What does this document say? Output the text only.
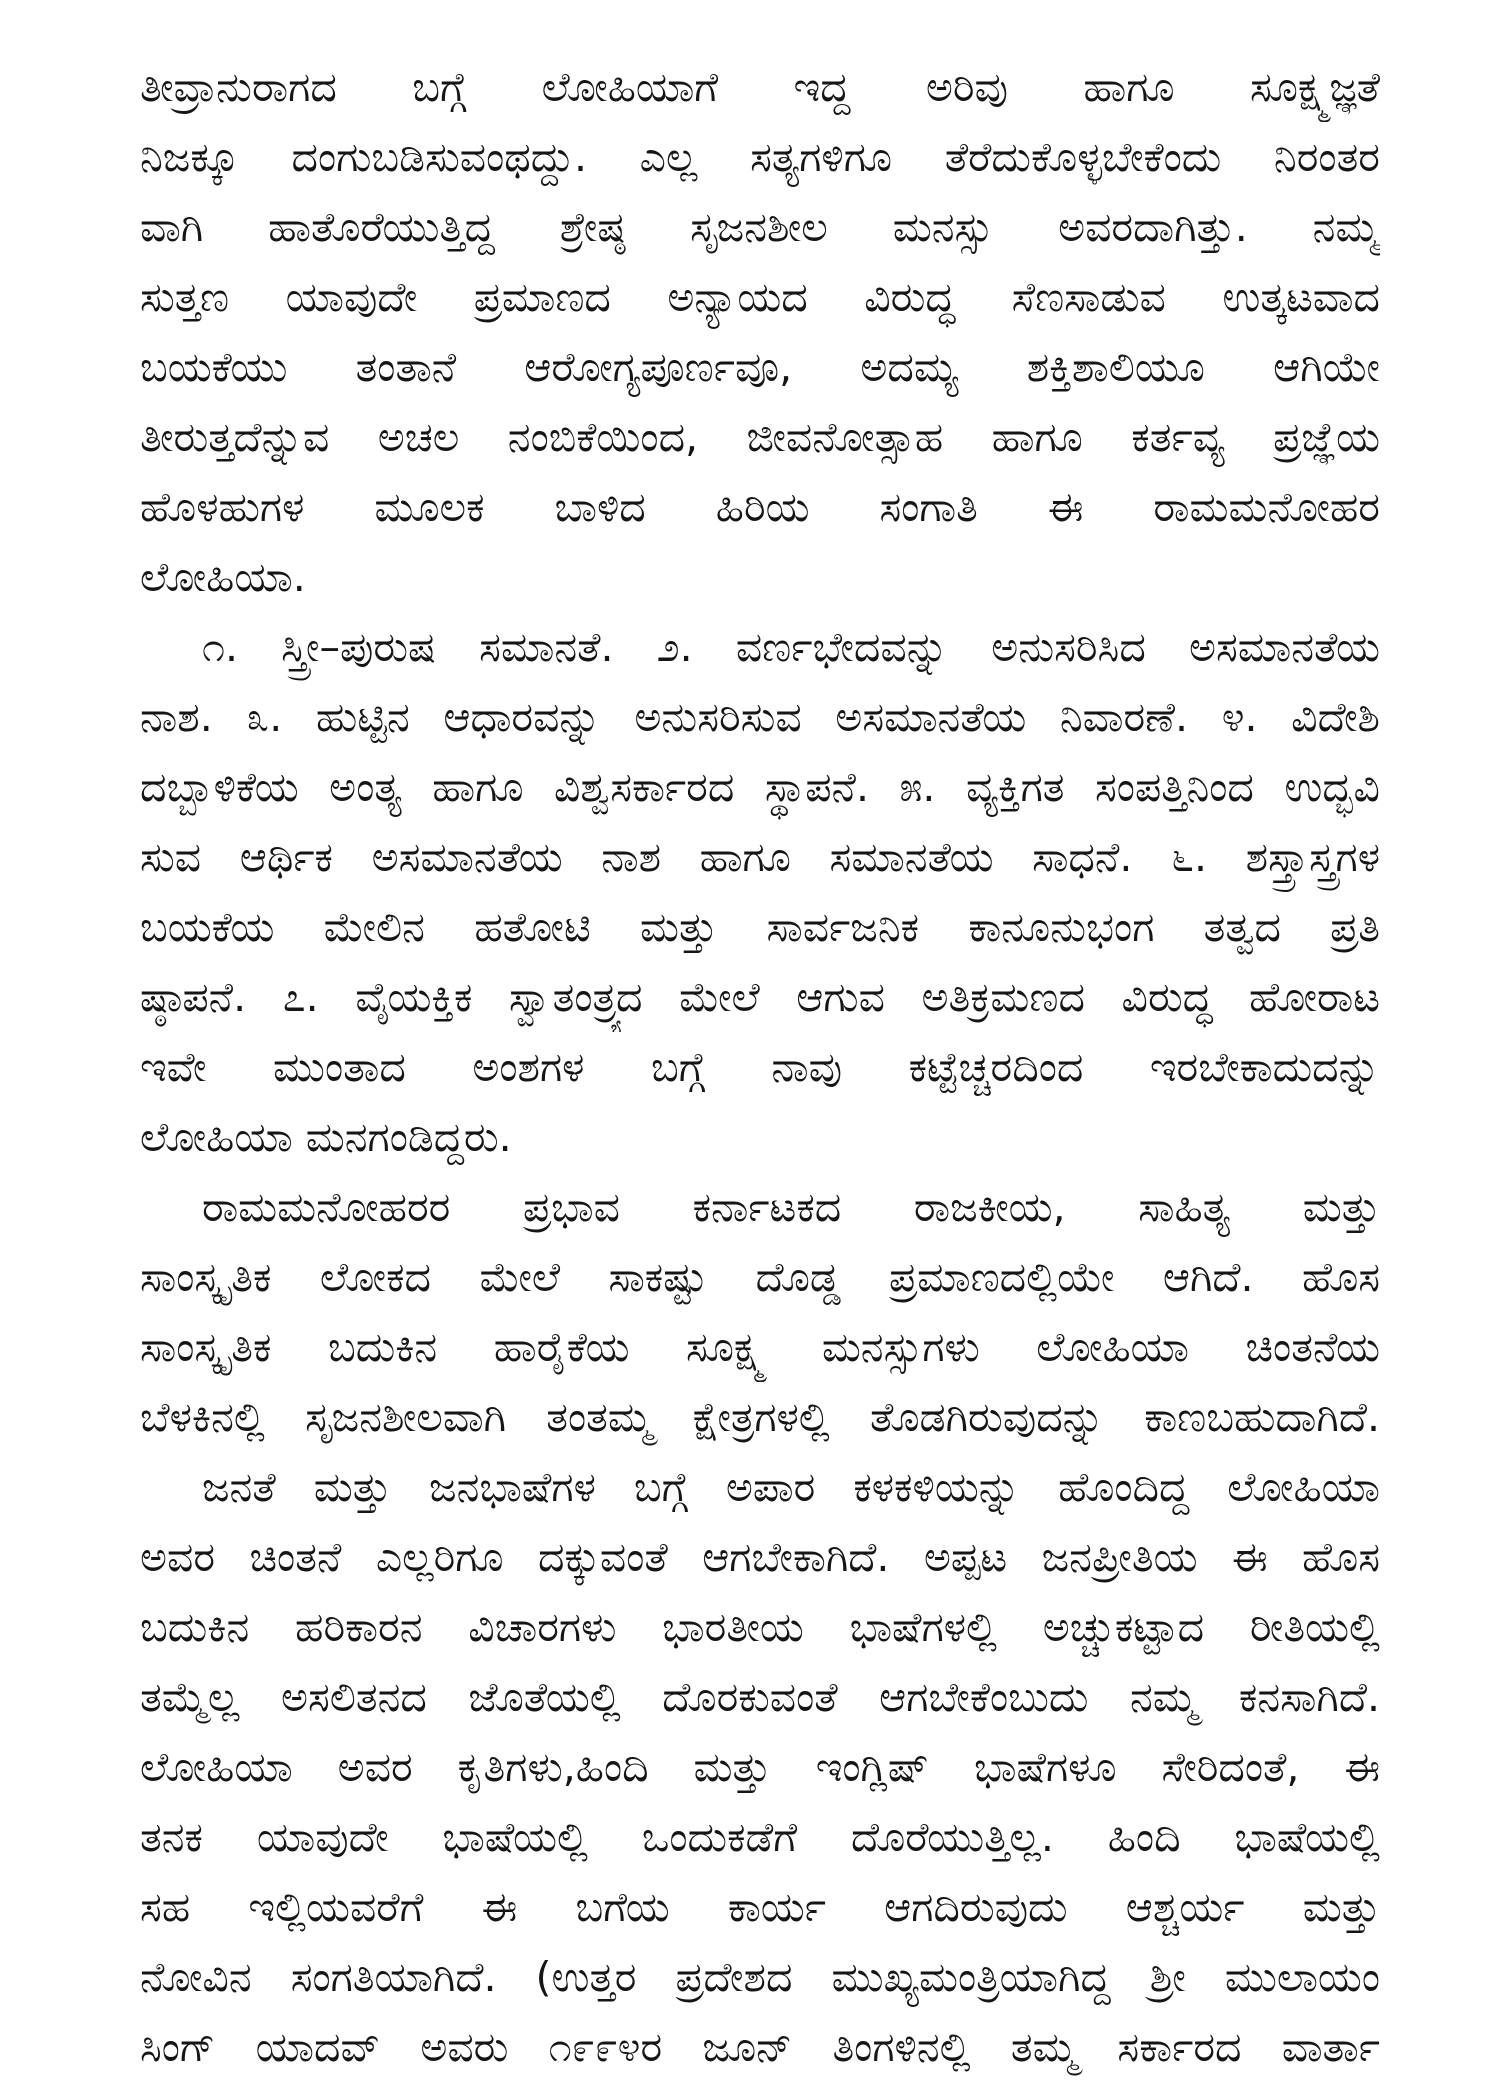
ತೀವ್ರಾನುರಾಗದ ಬಗ್ಗೆ ಲೋಹಿಯಾಗೆ ಇದ್ದ ಅರಿವು ಹಾಗೂ ಸೂಕ್ಷ್ಮಜ್ಞತೆ
ನಿಜಕ್ಕೂ ದಂಗುಬಡಿಸುವಂಥದ್ದು. ಎಲ್ಲ ಸತ್ಯಗಳಿಗೂ ತೆರೆದುಕೊಳ್ಳಬೇಕೆಂದು ನಿರಂತರ
ವಾಗಿ ಹಾತೊರೆಯುತ್ತಿದ್ದ ಶ್ರೇಷ್ಠ ಸೃಜನಶೀಲ ಮನಸ್ಸು ಅವರದಾಗಿತ್ತು. ನಮ್ಮ
ಸುತ್ತಣ ಯಾವುದೇ ಪ್ರಮಾಣದ ಅನ್ಯಾಯದ ವಿರುದ್ಧ ಸೆಣಸಾಡುವ ಉತ್ಕಟವಾದ
ಬಯಕೆಯು ತಂತಾನೆ ಆರೋಗ್ಯಪೂರ್ಣವೂ, ಅದಮ್ಯ ಶಕ್ತಿಶಾಲಿಯೂ ಆಗಿಯೇ
ತೀರುತ್ತದೆನ್ನುವ ಅಚಲ ನಂಬಿಕೆಯಿಂದ, ಜೀವನೋತ್ಸಾಹ ಹಾಗೂ ಕರ್ತವ್ಯ ಪ್ರಜ್ಞೆಯ
ಹೊಳಹುಗಳ ಮೂಲಕ ಬಾಳಿದ ಹಿರಿಯ ಸಂಗಾತಿ ಈ ರಾಮಮನೋಹರ
ಲೋಹಿಯಾ.
೧. ಸ್ತ್ರೀ–ಪುರುಷ ಸಮಾನತೆ. ೨. ವರ್ಣಭೇದವನ್ನು ಅನುಸರಿಸಿದ ಅಸಮಾನತೆಯ
ನಾಶ. ೩. ಹುಟ್ಟಿನ ಆಧಾರವನ್ನು ಅನುಸರಿಸುವ ಅಸಮಾನತೆಯ ನಿವಾರಣೆ. ೪. ವಿದೇಶಿ
ದಬ್ಬಾಳಿಕೆಯ ಅಂತ್ಯ ಹಾಗೂ ವಿಶ್ವಸರ್ಕಾರದ ಸ್ಥಾಪನೆ. ೫. ವ್ಯಕ್ತಿಗತ ಸಂಪತ್ತಿನಿಂದ ಉದ್ಭವಿ
ಸುವ ಆರ್ಥಿಕ ಅಸಮಾನತೆಯ ನಾಶ ಹಾಗೂ ಸಮಾನತೆಯ ಸಾಧನೆ. ೬. ಶಸ್ತ್ರಾಸ್ತ್ರಗಳ
ಬಯಕೆಯ ಮೇಲಿನ ಹತೋಟಿ ಮತ್ತು ಸಾರ್ವಜನಿಕ ಕಾನೂನುಭಂಗ ತತ್ವದ ಪ್ರತಿ
ಷ್ಠಾಪನೆ. ೭. ವೈಯಕ್ತಿಕ ಸ್ವಾತಂತ್ರ್ಯದ ಮೇಲೆ ಆಗುವ ಅತಿಕ್ರಮಣದ ವಿರುದ್ಧ ಹೋರಾಟ
ಇವೇ ಮುಂತಾದ ಅಂಶಗಳ ಬಗ್ಗೆ ನಾವು ಕಟ್ಟೆಚ್ಚರದಿಂದ ಇರಬೇಕಾದುದನ್ನು
ಲೋಹಿಯಾ ಮನಗಂಡಿದ್ದರು.
ರಾಮಮನೋಹರರ ಪ್ರಭಾವ ಕರ್ನಾಟಕದ ರಾಜಕೀಯ, ಸಾಹಿತ್ಯ ಮತ್ತು
ಸಾಂಸ್ಕೃತಿಕ ಲೋಕದ ಮೇಲೆ ಸಾಕಷ್ಟು ದೊಡ್ಡ ಪ್ರಮಾಣದಲ್ಲಿಯೇ ಆಗಿದೆ. ಹೊಸ
ಸಾಂಸ್ಕೃತಿಕ ಬದುಕಿನ ಹಾರೈಕೆಯ ಸೂಕ್ಷ್ಮ ಮನಸ್ಸುಗಳು ಲೋಹಿಯಾ ಚಿಂತನೆಯ
ಬೆಳಕಿನಲ್ಲಿ ಸೃಜನಶೀಲವಾಗಿ ತಂತಮ್ಮ ಕ್ಷೇತ್ರಗಳಲ್ಲಿ ತೊಡಗಿರುವುದನ್ನು ಕಾಣಬಹುದಾಗಿದೆ.
ಜನತೆ ಮತ್ತು ಜನಭಾಷೆಗಳ ಬಗ್ಗೆ ಅಪಾರ ಕಳಕಳಿಯನ್ನು ಹೊಂದಿದ್ದ ಲೋಹಿಯಾ
ಅವರ ಚಿಂತನೆ ಎಲ್ಲರಿಗೂ ದಕ್ಕುವಂತೆ ಆಗಬೇಕಾಗಿದೆ. ಅಪ್ಪಟ ಜನಪ್ರೀತಿಯ ಈ ಹೊಸ
ಬದುಕಿನ ಹರಿಕಾರನ ವಿಚಾರಗಳು ಭಾರತೀಯ ಭಾಷೆಗಳಲ್ಲಿ ಅಚ್ಚುಕಟ್ಟಾದ ರೀತಿಯಲ್ಲಿ
ತಮ್ಮೆಲ್ಲ ಅಸಲಿತನದ ಜೊತೆಯಲ್ಲಿ ದೊರಕುವಂತೆ ಆಗಬೇಕೆಂಬುದು ನಮ್ಮ ಕನಸಾಗಿದೆ.
ಲೋಹಿಯಾ ಅವರ ಕೃತಿಗಳು,ಹಿಂದಿ ಮತ್ತು ಇಂಗ್ಲಿಷ್ ಭಾಷೆಗಳೂ ಸೇರಿದಂತೆ, ಈ
ತನಕ ಯಾವುದೇ ಭಾಷೆಯಲ್ಲಿ ಒಂದುಕಡೆಗೆ ದೊರೆಯುತ್ತಿಲ್ಲ. ಹಿಂದಿ ಭಾಷೆಯಲ್ಲಿ
ಸಹ ಇಲ್ಲಿಯವರೆಗೆ ಈ ಬಗೆಯ ಕಾರ್ಯ ಆಗದಿರುವುದು ಆಶ್ಚರ್ಯ ಮತ್ತು
ನೋವಿನ ಸಂಗತಿಯಾಗಿದೆ. (ಉತ್ತರ ಪ್ರದೇಶದ ಮುಖ್ಯಮಂತ್ರಿಯಾಗಿದ್ದ ಶ್ರೀ ಮುಲಾಯಂ
ಸಿಂಗ್ ಯಾದವ್ ಅವರು ೧೯೯೪ರ ಜೂನ್ ತಿಂಗಳಿನಲ್ಲಿ ತಮ್ಮ ಸರ್ಕಾರದ ವಾರ್ತಾ
